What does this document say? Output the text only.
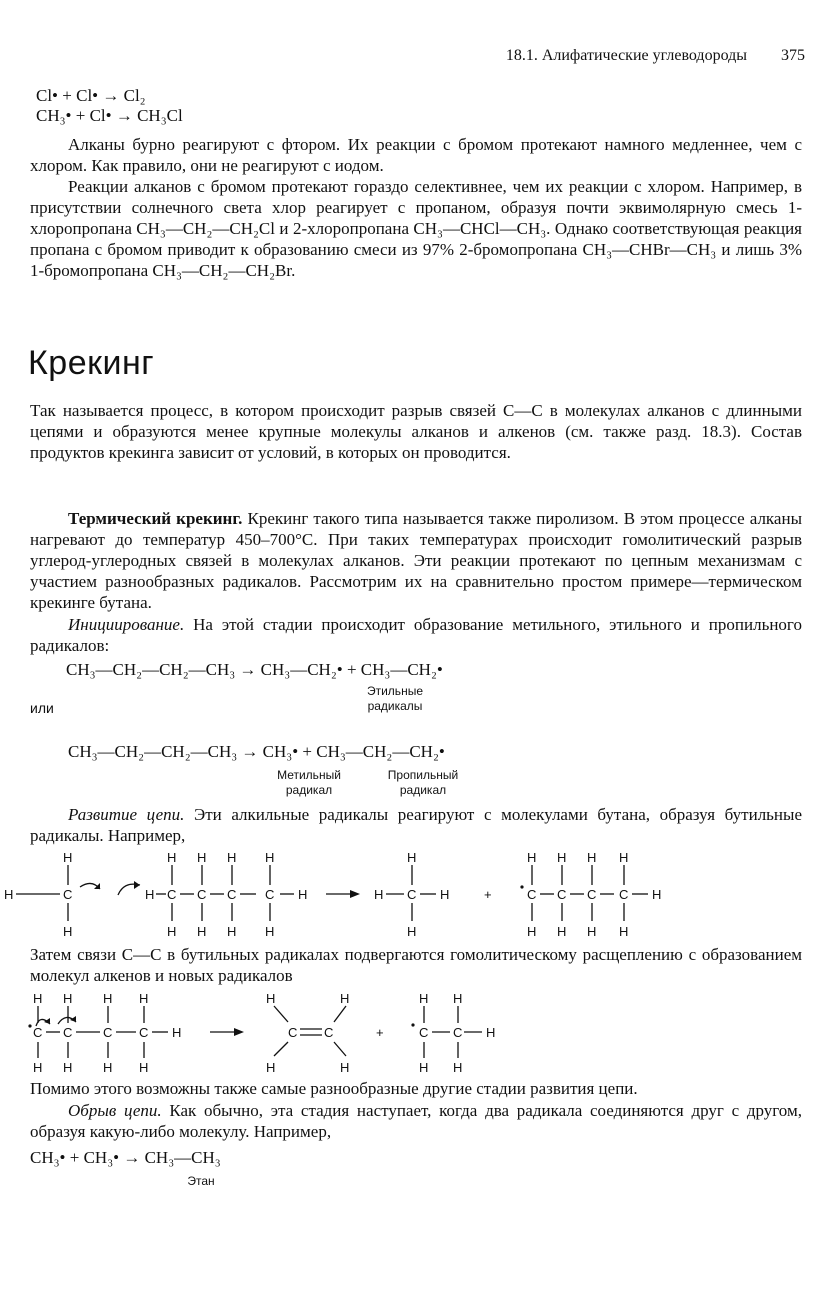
18.1. Алифатические углеводороды 375
Cl• + Cl• → Cl₂
CH₃• + Cl• → CH₃Cl

Алканы бурно реагируют с фтором. Их реакции с бромом протекают намного медленнее, чем с хлором. Как правило, они не реагируют с иодом.

Реакции алканов с бромом протекают гораздо селективнее, чем их реакции с хлором. Например, в присутствии солнечного света хлор реагирует с пропаном, образуя почти эквимолярную смесь 1-хлоропропана CH₃—CH₂—CH₂Cl и 2-хлоропропана CH₃—CHCl—CH₃. Однако соответствующая реакция пропана с бромом приводит к образованию смеси из 97% 2-бромопропана CH₃—CHBr—CH₃ и лишь 3% 1-бромопропана CH₃—CH₂—CH₂Br.

Крекинг

Так называется процесс, в котором происходит разрыв связей C—C в молекулах алканов с длинными цепями и образуются менее крупные молекулы алканов и алкенов (см. также разд. 18.3). Состав продуктов крекинга зависит от условий, в которых он проводится.

Термический крекинг. Крекинг такого типа называется также пиролизом. В этом процессе алканы нагревают до температур 450–700°C. При таких температурах происходит гомолитический разрыв углерод-углеродных связей в молекулах алканов. Эти реакции протекают по цепным механизмам с участием разнообразных радикалов. Рассмотрим их на сравнительно простом примере—термическом крекинге бутана.

Инициирование. На этой стадии происходит образование метильного, этильного и пропильного радикалов:

CH₃—CH₂—CH₂—CH₃ → CH₃—CH₂• + CH₃—CH₂•
Этильные
радикалы
или
CH₃—CH₂—CH₂—CH₃ → CH₃• + CH₃—CH₂—CH₂•
Метильный
радикал
Пропильный
радикал

Развитие цепи. Эти алкильные радикалы реагируют с молекулами бутана, образуя бутильные радикалы. Например,

H
H	C
H
H C C C C H
H H H H
H H H H
H
H C H
H
+
H H H H
C C C C H
H H H H

Затем связи C—C в бутильных радикалах подвергаются гомолитическому расщеплению с образованием молекул алкенов и новых радикалов

H H H H
C C C C H
H H H H
H	H
C C
H	H
+
H H
C C H
H H

Помимо этого возможны также самые разнообразные другие стадии развития цепи.

Обрыв цепи. Как обычно, эта стадия наступает, когда два радикала соединяются друг с другом, образуя какую-либо молекулу. Например,

CH₃• + CH₃• → CH₃—CH₃
Этан
